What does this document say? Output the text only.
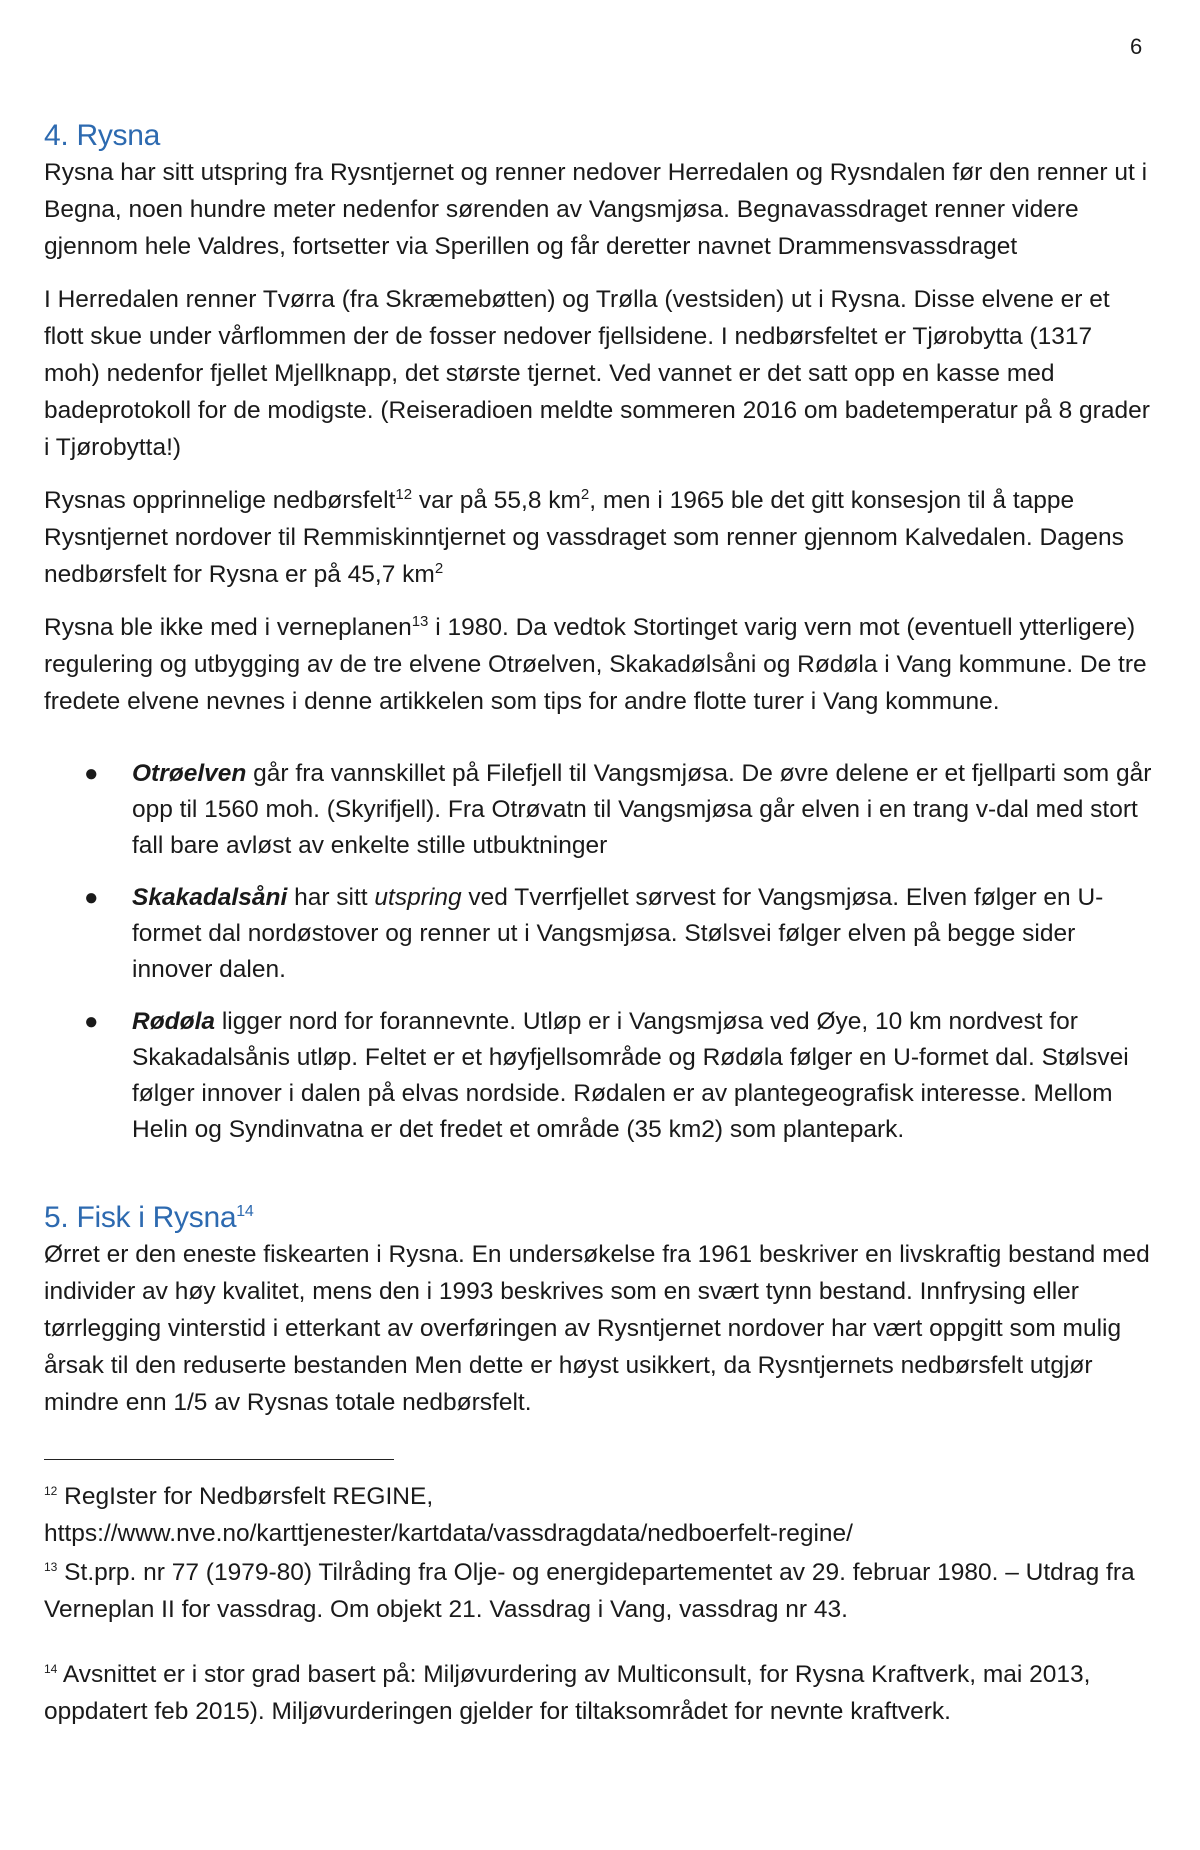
6
4. Rysna

Rysna har sitt utspring fra Rysntjernet og renner nedover Herredalen og Rysndalen før den renner ut i Begna, noen hundre meter nedenfor sørenden av Vangsmjøsa. Begnavassdraget renner videre gjennom hele Valdres, fortsetter via Sperillen og får deretter navnet Drammensvassdraget

I Herredalen renner Tvørra (fra Skræmebøtten) og Trølla (vestsiden) ut i Rysna. Disse elvene er et flott skue under vårflommen der de fosser nedover fjellsidene. I nedbørsfeltet er Tjørobytta (1317 moh) nedenfor fjellet Mjellknapp, det største tjernet. Ved vannet er det satt opp en kasse med badeprotokoll for de modigste. (Reiseradioen meldte sommeren 2016 om badetemperatur på 8 grader i Tjørobytta!)

Rysnas opprinnelige nedbørsfelt$^{12}$ var på 55,8 $km^2$, men i 1965 ble det gitt konsesjon til å tappe Rysntjernet nordover til Remmiskinntjernet og vassdraget som renner gjennom Kalvedalen. Dagens nedbørsfelt for Rysna er på 45,7 $km^2$

Rysna ble ikke med i verneplanen$^{13}$ i 1980. Da vedtok Stortinget varig vern mot (eventuell ytterligere) regulering og utbygging av de tre elvene Otrøelven, Skakadølsåni og Rødøla i Vang kommune. De tre fredete elvene nevnes i denne artikkelen som tips for andre flotte turer i Vang kommune.

● Otrøelven går fra vannskillet på Filefjell til Vangsmjøsa. De øvre delene er et fjellparti som går opp til 1560 moh. (Skyrifjell). Fra Otrøvatn til Vangsmjøsa går elven i en trang v-dal med stort fall bare avløst av enkelte stille utbuktninger
● Skakadalsåni har sitt utspring ved Tverrfjellet sørvest for Vangsmjøsa. Elven følger en U-formet dal nordøstover og renner ut i Vangsmjøsa. Stølsvei følger elven på begge sider innover dalen.
● Rødøla ligger nord for forannevnte. Utløp er i Vangsmjøsa ved Øye, 10 km nordvest for Skakadalsånis utløp. Feltet er et høyfjellsområde og Rødøla følger en U-formet dal. Stølsvei følger innover i dalen på elvas nordside. Rødalen er av plantegeografisk interesse. Mellom Helin og Syndinvatna er det fredet et område (35 km2) som plantepark.
5. Fisk i Rysna$^{14}$

Ørret er den eneste fiskearten i Rysna. En undersøkelse fra 1961 beskriver en livskraftig bestand med individer av høy kvalitet, mens den i 1993 beskrives som en svært tynn bestand. Innfrysing eller tørrlegging vinterstid i etterkant av overføringen av Rysntjernet nordover har vært oppgitt som mulig årsak til den reduserte bestanden Men dette er høyst usikkert, da Rysntjernets nedbørsfelt utgjør mindre enn 1/5 av Rysnas totale nedbørsfelt.

$^{12}$ RegIster for Nedbørsfelt REGINE, https://www.nve.no/karttjenester/kartdata/vassdragdata/nedboerfelt-regine/

$^{13}$ St.prp. nr 77 (1979-80) Tilråding fra Olje- og energidepartementet av 29. februar 1980. – Utdrag fra Verneplan II for vassdrag. Om objekt 21. Vassdrag i Vang, vassdrag nr 43.

$^{14}$ Avsnittet er i stor grad basert på: Miljøvurdering av Multiconsult, for Rysna Kraftverk, mai 2013, oppdatert feb 2015). Miljøvurderingen gjelder for tiltaksområdet for nevnte kraftverk.
